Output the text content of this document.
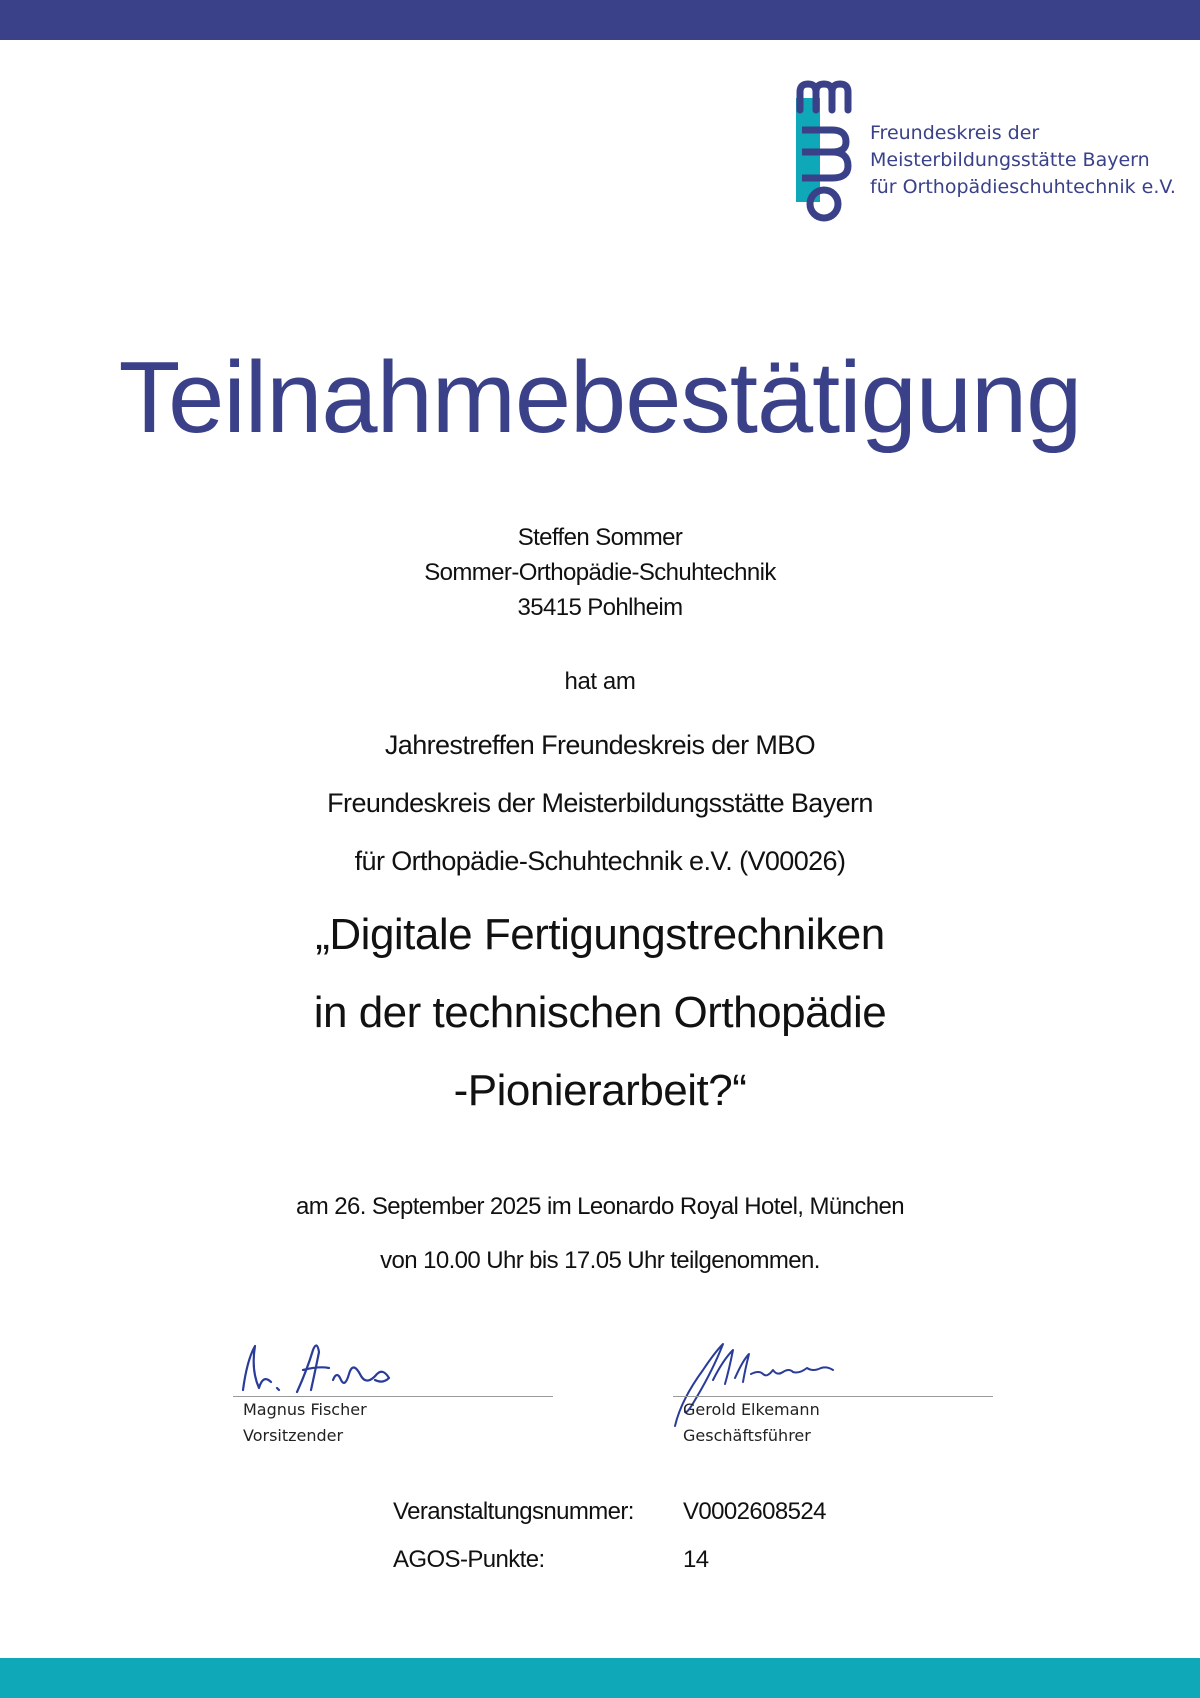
Freundeskreis der
Meisterbildungsstätte Bayern
für Orthopädieschuhtechnik e.V.
Teilnahmebestätigung
Steffen Sommer
Sommer-Orthopädie-Schuhtechnik
35415 Pohlheim
hat am
Jahrestreffen Freundeskreis der MBO
Freundeskreis der Meisterbildungsstätte Bayern
für Orthopädie-Schuhtechnik e.V. (V00026)
„Digitale Fertigungstrechniken
in der technischen Orthopädie
-Pionierarbeit?“
am 26. September 2025 im Leonardo Royal Hotel, München
von 10.00 Uhr bis 17.05 Uhr teilgenommen.
Magnus Fischer
Vorsitzender
Gerold Elkemann
Geschäftsführer
Veranstaltungsnummer: V0002608524
AGOS-Punkte:	14
